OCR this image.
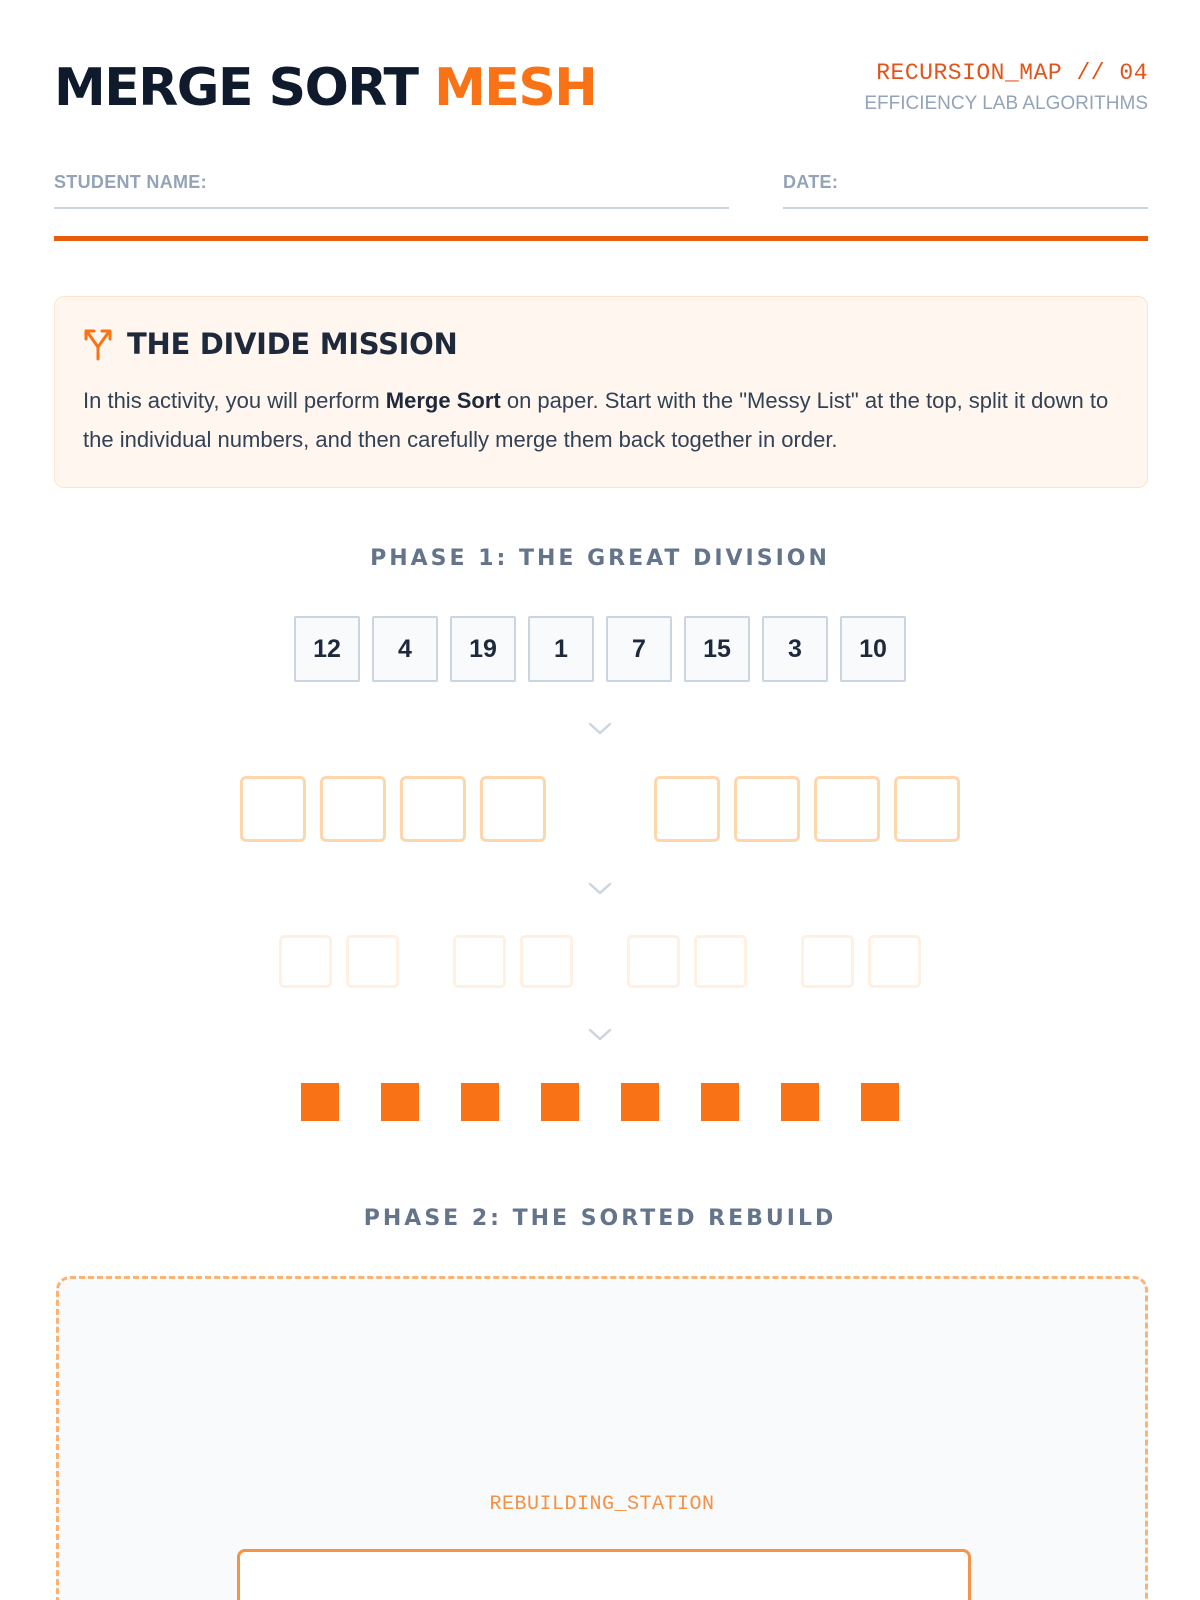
MERGE SORT MESH	RECURSION_MAP // 04
EFFICIENCY LAB ALGORITHMS
STUDENT NAME:	DATE:
THE DIVIDE MISSION

In this activity, you will perform Merge Sort on paper. Start with the "Messy List" at the top, split it down to the individual numbers, and then carefully merge them back together in order.

PHASE 1: THE GREAT DIVISION
12	4	19	1	7	15	3	10
PHASE 2: THE SORTED REBUILD
REBUILDING_STATION
